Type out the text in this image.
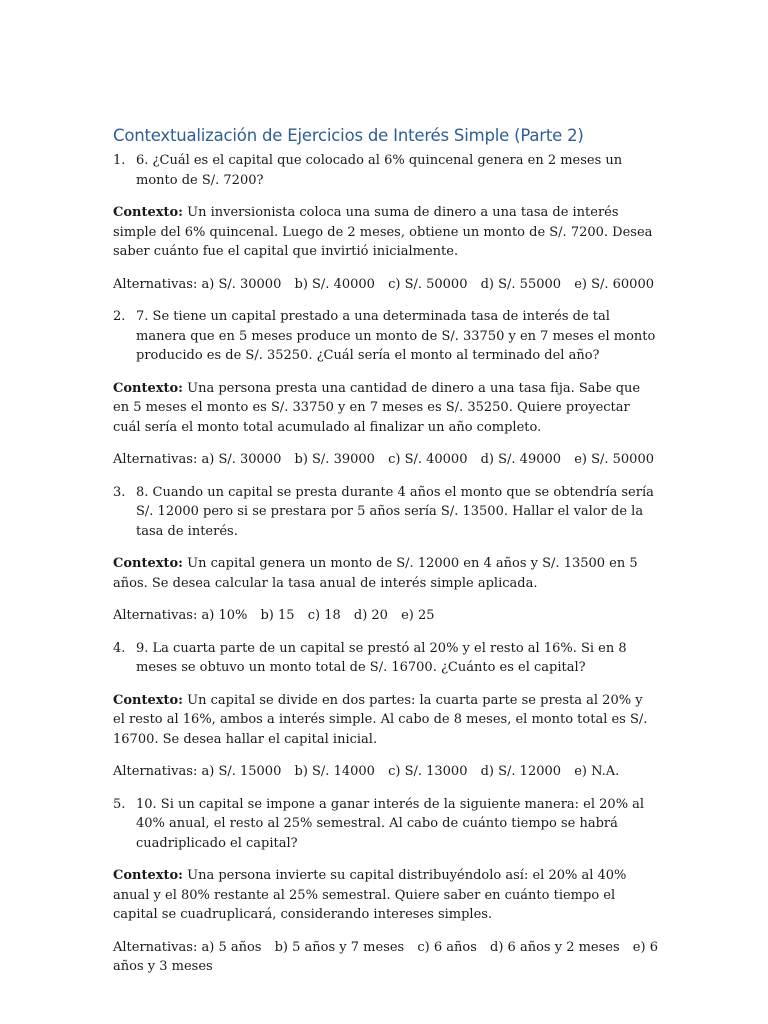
Contextualización de Ejercicios de Interés Simple (Parte 2)
1. 6. ¿Cuál es el capital que colocado al 6% quincenal genera en 2 meses un monto de S/. 7200?

Contexto: Un inversionista coloca una suma de dinero a una tasa de interés simple del 6% quincenal. Luego de 2 meses, obtiene un monto de S/. 7200. Desea saber cuánto fue el capital que invirtió inicialmente.

Alternativas: a) S/. 30000 b) S/. 40000 c) S/. 50000 d) S/. 55000 e) S/. 60000

2. 7. Se tiene un capital prestado a una determinada tasa de interés de tal manera que en 5 meses produce un monto de S/. 33750 y en 7 meses el monto producido es de S/. 35250. ¿Cuál sería el monto al terminado del año?

Contexto: Una persona presta una cantidad de dinero a una tasa fija. Sabe que en 5 meses el monto es S/. 33750 y en 7 meses es S/. 35250. Quiere proyectar cuál sería el monto total acumulado al finalizar un año completo.

Alternativas: a) S/. 30000 b) S/. 39000 c) S/. 40000 d) S/. 49000 e) S/. 50000

3. 8. Cuando un capital se presta durante 4 años el monto que se obtendría sería S/. 12000 pero si se prestara por 5 años sería S/. 13500. Hallar el valor de la tasa de interés.

Contexto: Un capital genera un monto de S/. 12000 en 4 años y S/. 13500 en 5 años. Se desea calcular la tasa anual de interés simple aplicada.

Alternativas: a) 10% b) 15 c) 18 d) 20 e) 25

4. 9. La cuarta parte de un capital se prestó al 20% y el resto al 16%. Si en 8 meses se obtuvo un monto total de S/. 16700. ¿Cuánto es el capital?

Contexto: Un capital se divide en dos partes: la cuarta parte se presta al 20% y el resto al 16%, ambos a interés simple. Al cabo de 8 meses, el monto total es S/. 16700. Se desea hallar el capital inicial.

Alternativas: a) S/. 15000 b) S/. 14000 c) S/. 13000 d) S/. 12000 e) N.A.

5. 10. Si un capital se impone a ganar interés de la siguiente manera: el 20% al 40% anual, el resto al 25% semestral. Al cabo de cuánto tiempo se habrá cuadriplicado el capital?

Contexto: Una persona invierte su capital distribuyéndolo así: el 20% al 40% anual y el 80% restante al 25% semestral. Quiere saber en cuánto tiempo el capital se cuadruplicará, considerando intereses simples.

Alternativas: a) 5 años b) 5 años y 7 meses c) 6 años d) 6 años y 2 meses e) 6 años y 3 meses
